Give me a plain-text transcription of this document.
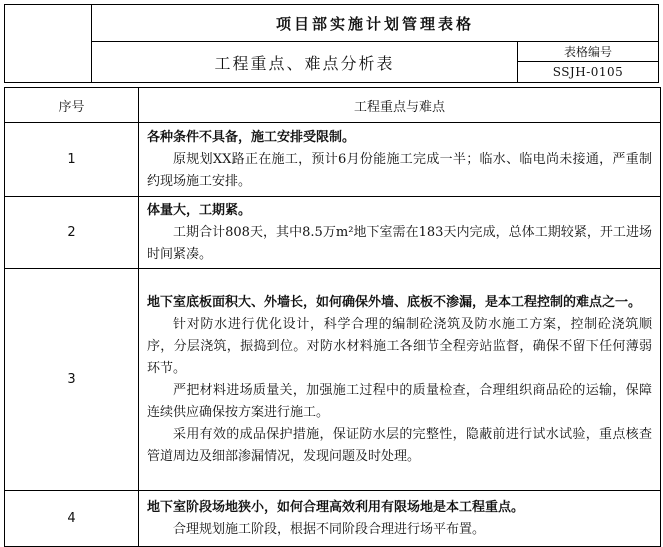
项目部实施计划管理表格
工程重点、难点分析表
表格编号
SSJH-0105
序号	工程重点与难点
1	各种条件不具备，施工安排受限制。
原规划XX路正在施工，预计6月份能施工完成一半；临水、临电尚未接通，严重制约现场施工安排。

2	体量大，工期紧。
工期合计808天，其中8.5万m²地下室需在183天内完成，总体工期较紧，开工进场时间紧凑。

3	地下室底板面积大、外墙长，如何确保外墙、底板不渗漏，是本工程控制的难点之一。
针对防水进行优化设计，科学合理的编制砼浇筑及防水施工方案，控制砼浇筑顺序，分层浇筑，振捣到位。对防水材料施工各细节全程旁站监督，确保不留下任何薄弱环节。
严把材料进场质量关，加强施工过程中的质量检查，合理组织商品砼的运输，保障连续供应确保按方案进行施工。
采用有效的成品保护措施，保证防水层的完整性，隐蔽前进行试水试验，重点核查管道周边及细部渗漏情况，发现问题及时处理。

4	地下室阶段场地狭小，如何合理高效利用有限场地是本工程重点。
合理规划施工阶段，根据不同阶段合理进行场平布置。
